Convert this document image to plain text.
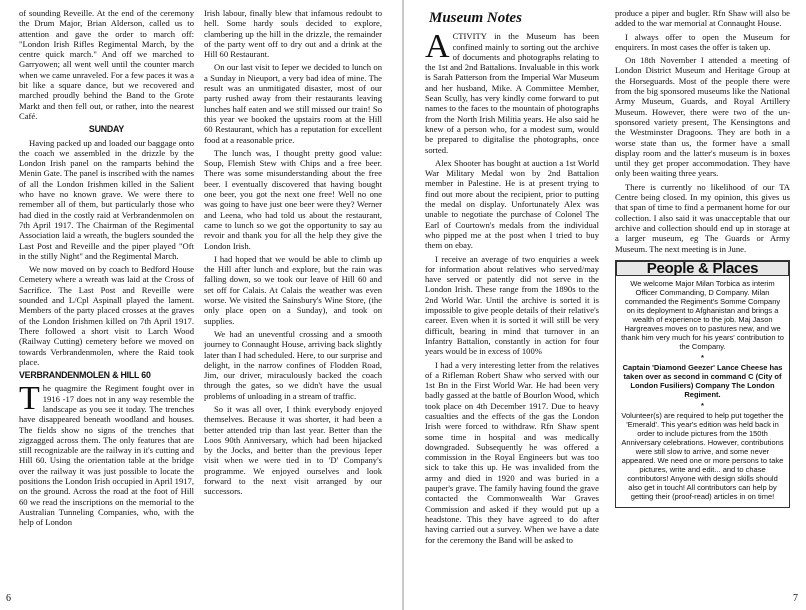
of sounding Reveille. At the end of the ceremony the Drum Major, Brian Alderson, called us to attention and gave the order to march off: "London Irish Rifles Regimental March, by the centre quick march." And off we marched to Garryowen; all went well until the counter march when we came unraveled. For a few paces it was a bit like a square dance, but we recovered and marched proudly behind the Band to the Grote Markt and then fell out, or rather, into the nearest Café.

SUNDAY

Having packed up and loaded our baggage onto the coach we assembled in the drizzle by the London Irish panel on the ramparts behind the Menin Gate. The panel is inscribed with the names of all the London Irishmen killed in the Salient who have no known grave. We were there to remember all of them, but particularly those who had died in the costly raid at Verbrandenmolen on 7th April 1917. The Chairman of the Regimental Association laid a wreath, the buglers sounded the Last Post and Reveille and the piper played "Oft in the stilly Night" and the Regimental March.

We now moved on by coach to Bedford House Cemetery where a wreath was laid at the Cross of Sacrifice. The Last Post and Reveille were sounded and L/Cpl Aspinall played the lament. Members of the party placed crosses at the graves of the London Irishmen killed on 7th April 1917. There followed a short visit to Larch Wood (Railway Cutting) cemetery before we moved on towards Verbrandenmolen, where the Raid took place.

VERBRANDENMOLEN & HILL 60

The quagmire the Regiment fought over in 1916 -17 does not in any way resemble the landscape as you see it today. The trenches have disappeared beneath woodland and houses. The fields show no signs of the trenches that zigzagged across them. The only features that are still recognizable are the railway in it's cutting and Hill 60. Using the orientation table at the bridge over the railway it was just possible to locate the positions the London Irish occupied in April 1917, on the ground. Across the road at the foot of Hill 60 we read the inscriptions on the memorial to the Australian Tunneling Companies, who, with the help of London

Irish labour, finally blew that infamous redoubt to hell. Some hardy souls decided to explore, clambering up the hill in the drizzle, the remainder of the party went off to dry out and a drink at the Hill 60 Restaurant.

On our last visit to Ieper we decided to lunch on a Sunday in Nieuport, a very bad idea of mine. The result was an unmitigated disaster, most of our party rushed away from their restaurants leaving lunches half eaten and we still missed our train! So this year we booked the upstairs room at the Hill 60 Restaurant, which has a reputation for excellent food at a reasonable price.

The lunch was, I thought pretty good value: Soup, Flemish Stew with Chips and a free beer. There was some misunderstanding about the free beer. I eventually discovered that having bought one beer, you got the next one free! Well no one was going to have just one beer were they? Werner and Leena, who had told us about the restaurant, came to lunch so we got the opportunity to say au revoir and thank you for all the help they give the London Irish.

I had hoped that we would be able to climb up the Hill after lunch and explore, but the rain was falling down, so we took our leave of Hill 60 and set off for Calais. At Calais the weather was even worse. We visited the Sainsbury's Wine Store, (the only place open on a Sunday), and took on supplies.

We had an uneventful crossing and a smooth journey to Connaught House, arriving back slightly later than I had scheduled. Here, to our surprise and delight, in the narrow confines of Flodden Road, Jim, our driver, miraculously backed the coach through the gates, so we didn't have the usual problems of unloading in a stream of traffic.

So it was all over, I think everybody enjoyed themselves. Because it was shorter, it had been a better attended trip than last year. Better than the Loos 90th Anniversary, which had been hijacked by the Jocks, and better than the previous Ieper visit when we were tied in to 'D' Company's programme. We enjoyed ourselves and look forward to the next visit arranged by our successors.

6
Museum Notes

ACTIVITY in the Museum has been confined mainly to sorting out the archive of documents and photographs relating to the 1st and 2nd Battalions. Invaluable in this work is Sarah Patterson from the Imperial War Museum and her husband, Mike. A Committee Member, Sean Scully, has very kindly come forward to put names to the faces to the mountain of photographs from the North Irish Militia years. He also said he knew of a person who, for a modest sum, would be prepared to digitalise the photographs, once sorted.

Alex Shooter has bought at auction a 1st World War Military Medal won by 2nd Battalion member in Palestine. He is at present trying to find out more about the recipient, prior to putting the medal on display. Unfortunately Alex was unable to negotiate the purchase of Colonel The Earl of Courtown's medals from the individual who pipped me at the post when I tried to buy them on ebay.

I receive an average of two enquiries a week for information about relatives who served/may have served or patently did not serve in the London Irish. These range from the 1890s to the 2nd World War. Until the archive is sorted it is impossible to give people details of their relative's career. Even when it is sorted it will still be very difficult, bearing in mind that turnover in an Infantry Battalion, constantly in action for four years would be in excess of 100%

I had a very interesting letter from the relatives of a Rifleman Robert Shaw who served with our 1st Bn in the First World War. He had been very badly gassed at the battle of Bourlon Wood, which took place on 4th December 1917. Due to heavy casualties and the effects of the gas the London Irish were forced to withdraw. Rfn Shaw spent some time in hospital and was medically downgraded. Subsequently he was offered a commission in the Royal Engineers but was too sick to take this up. He was invalided from the army and died in 1920 and was buried in a pauper's grave. The family having found the grave contacted the Commonwealth War Graves Commission and asked if they would put up a headstone. This they have agreed to do after having carried out a survey. When we have a date for the ceremony the Band will be asked to

produce a piper and bugler. Rfn Shaw will also be added to the war memorial at Connaught House.

I always offer to open the Museum for enquirers. In most cases the offer is taken up.

On 18th November I attended a meeting of London District Museum and Heritage Group at the Horseguards. Most of the people there were from the big sponsored museums like the National Army Museum, Guards, and Royal Artillery Museum. However, there were two of the un-sponsored variety present, The Kensingtons and the Westminster Dragoons. They are both in a worse state than us, the former have a small display room and the latter's museum is in boxes until they get proper accommodation. They have only been waiting three years.

There is currently no likelihood of our TA Centre being closed. In my opinion, this gives us that span of time to find a permanent home for our collection. I also said it was unacceptable that our archive and collection should end up in storage at a larger museum, eg The Guards or Army Museum. The next meeting is in June.

People & Places

We welcome Major Milan Torbica as interim Officer Commanding, D Company. Milan commanded the Regiment's Somme Company on its deployment to Afghanistan and brings a wealth of experience to the job. Maj Jason Hargreaves moves on to pastures new, and we thank him very much for his years' contribution to the Company.

*

Captain 'Diamond Geezer' Lance Cheese has taken over as second in command C (City of London Fusiliers) Company The London Regiment.

*

Volunteer(s) are required to help put together the 'Emerald'. This year's edition was held back in order to include pictures from the 150th Anniversary celebrations. However, contributions were still slow to arrive, and some never appeared. We need one or more persons to take pictures, write and edit... and to chase contributors! Anyone with design skills should also get in touch! All contributors can help by getting their (proof-read) articles in on time!

7
